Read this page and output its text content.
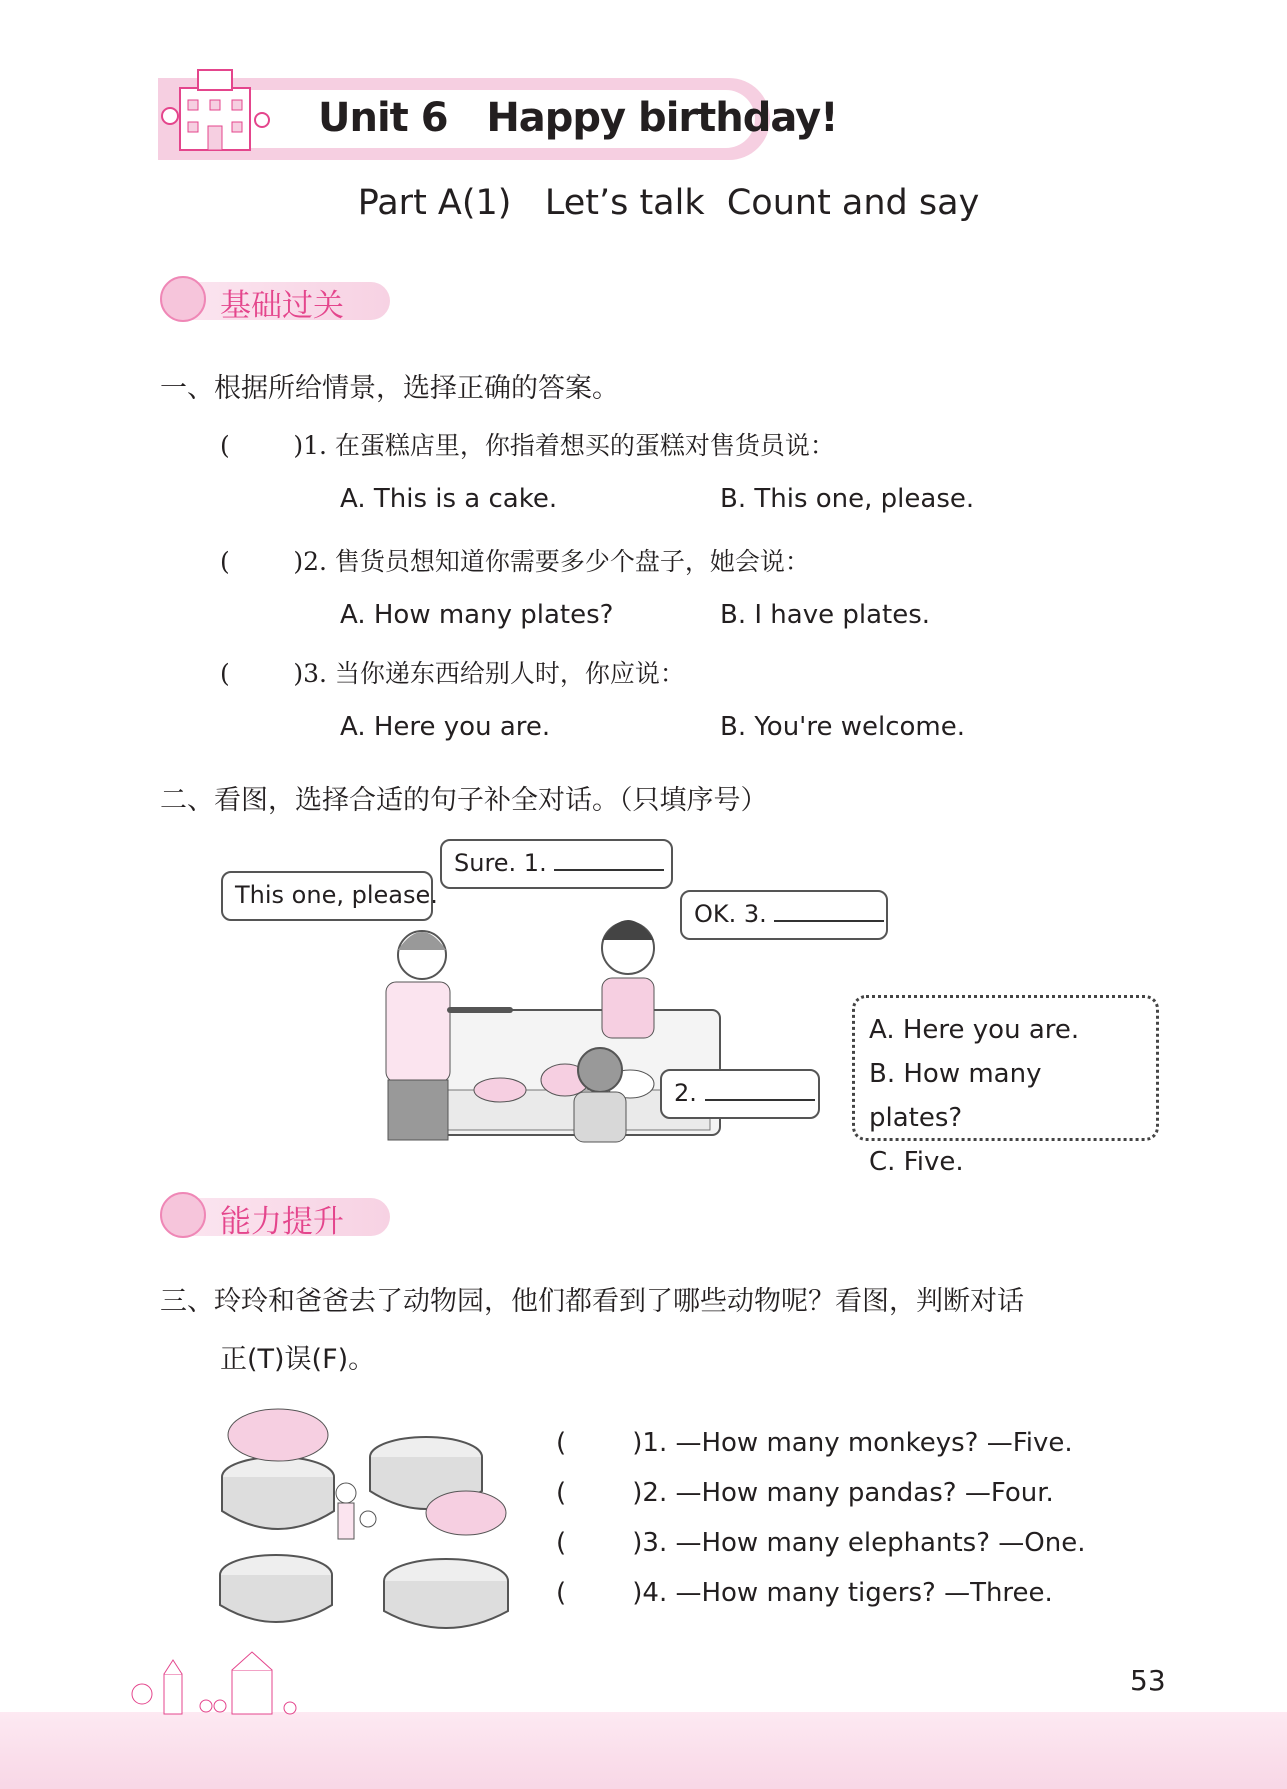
Unit 6   Happy birthday!
Part A(1)   Let’s talk  Count and say
基础过关
一、根据所给情景，选择正确的答案。
(        )1. 在蛋糕店里，你指着想买的蛋糕对售货员说：
A. This is a cake.	B. This one, please.
(        )2. 售货员想知道你需要多少个盘子，她会说：
A. How many plates?	B. I have plates.
(        )3. 当你递东西给别人时，你应说：
A. Here you are.	B. You're welcome.
二、看图，选择合适的句子补全对话。（只填序号）
This one, please.
Sure. 1.
OK. 3.
2.
A. Here you are.
B. How many plates?
C. Five.
能力提升
三、玲玲和爸爸去了动物园，他们都看到了哪些动物呢？看图，判断对话
正(T)误(F)。
(        )1. —How many monkeys? —Five.
(        )2. —How many pandas? —Four.
(        )3. —How many elephants? —One.
(        )4. —How many tigers? —Three.
53
